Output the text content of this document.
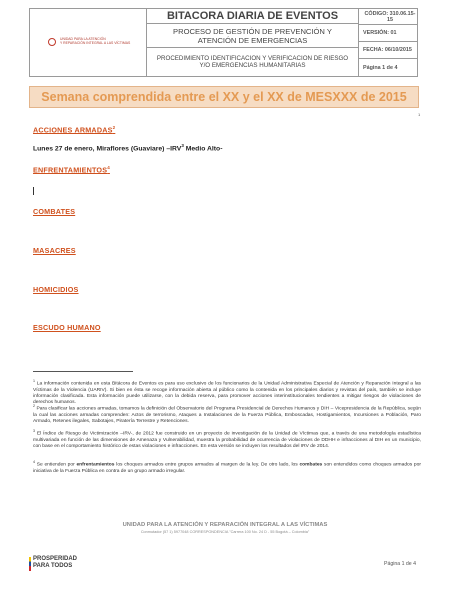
UNIDAD PARA LA ATENCIÓN
Y REPARACIÓN INTEGRAL A LAS VÍCTIMAS
BITACORA DIARIA DE EVENTOS
PROCESO DE GESTIÓN DE PREVENCIÓN Y ATENCIÓN DE EMERGENCIAS
PROCEDIMIENTO IDENTIFICACION Y VERIFICACION DE RIESGO Y/O EMERGENCIAS HUMANITARIAS
CÓDIGO: 310.06.15-15
VERSIÓN: 01
FECHA: 06/10/2015
Página 1 de 4
Semana comprendida entre el XX y el XX de MESXXX de 2015
1
ACCIONES ARMADAS$^2$
Lunes 27 de enero, Miraflores (Guaviare) –IRV$^3$ Medio Alto-
ENFRENTAMIENTOS$^4$
COMBATES
MASACRES
HOMICIDIOS
ESCUDO HUMANO
$^1$ La información contenida en esta Bitácora de Eventos es para uso exclusivo de los funcionarios de la Unidad Administrativa Especial de Atención y Reparación Integral a las Víctimas de la Violencia (UARIV). Si bien en ésta se recoge información abierta al público como la contenida en los principales diarios y revistas del país, también se incluye información clasificada. Esta información puede utilizarse, con la debida reserva, para promover acciones interinstitucionales tendientes a mitigar riesgos de violaciones de derechos humanos.
$^2$ Para clasificar las acciones armadas, tomamos la definición del Observatorio del Programa Presidencial de Derechos Humanos y DIH – Vicepresidencia de la República, según la cual las acciones armadas comprenden: Actos de terrorismo, Ataques a Instalaciones de la Fuerza Pública, Emboscadas, Hostigamientos, Incursiones a Población, Paro Armado, Retenes ilegales, Sabotajes, Piratería Terrestre y Retenciones.
$^3$ El Índice de Riesgo de Victimización –IRV-, de 2012 fue construido en un proyecto de investigación de la Unidad de Víctimas que, a través de una metodología estadística multivariada en función de las dimensiones de Amenaza y Vulnerabilidad, muestra la probabilidad de ocurrencia de violaciones de DDHH e infracciones al DIH en un municipio, con base en el comportamiento histórico de estas violaciones e infracciones. En esta versión se incluyen los resultados del IRV de 2014.
$^4$ Se entienden por enfrentamientos los choques armados entre grupos armados al margen de la ley. De otro lado, los combates son entendidos como choques armados por iniciativa de la Fuerza Pública en contra de un grupo armado irregular.
UNIDAD PARA LA ATENCIÓN Y REPARACIÓN INTEGRAL A LAS VÍCTIMAS
Conmutador (57 1) 5977048 CORRESPONDENCIA "Carrera 100 No. 24 D - 55 Bogotá – Colombia"
PROSPERIDAD
PARA TODOS	Página 1 de 4
